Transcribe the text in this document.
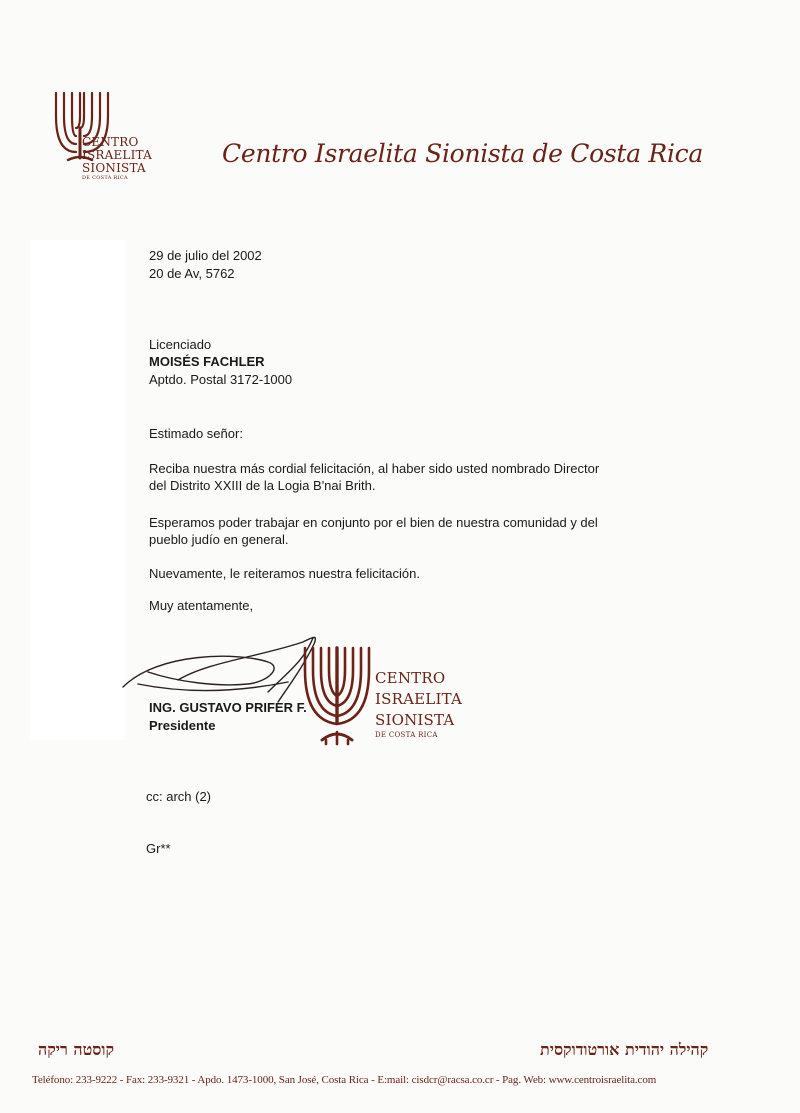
CENTRO
ISRAELITA
SIONISTA
DE COSTA RICA
Centro Israelita Sionista de Costa Rica
29 de julio del 2002
20 de Av, 5762
Licenciado
MOISÉS FACHLER
Aptdo. Postal 3172-1000
Estimado señor:
Reciba nuestra más cordial felicitación, al haber sido usted nombrado Director
del Distrito XXIII de la Logia B'nai Brith.
Esperamos poder trabajar en conjunto por el bien de nuestra comunidad y del
pueblo judío en general.
Nuevamente, le reiteramos nuestra felicitación.
Muy atentamente,
ING. GUSTAVO PRIFER F.
Presidente
CENTRO
ISRAELITA
SIONISTA
DE COSTA RICA
cc: arch (2)
Gr**
קוסטה ריקה	קהילה יהודית אורטודוקסית
Teléfono: 233-9222 - Fax: 233-9321 - Apdo. 1473-1000, San José, Costa Rica - E:mail: cisdcr@racsa.co.cr - Pag. Web: www.centroisraelita.com
